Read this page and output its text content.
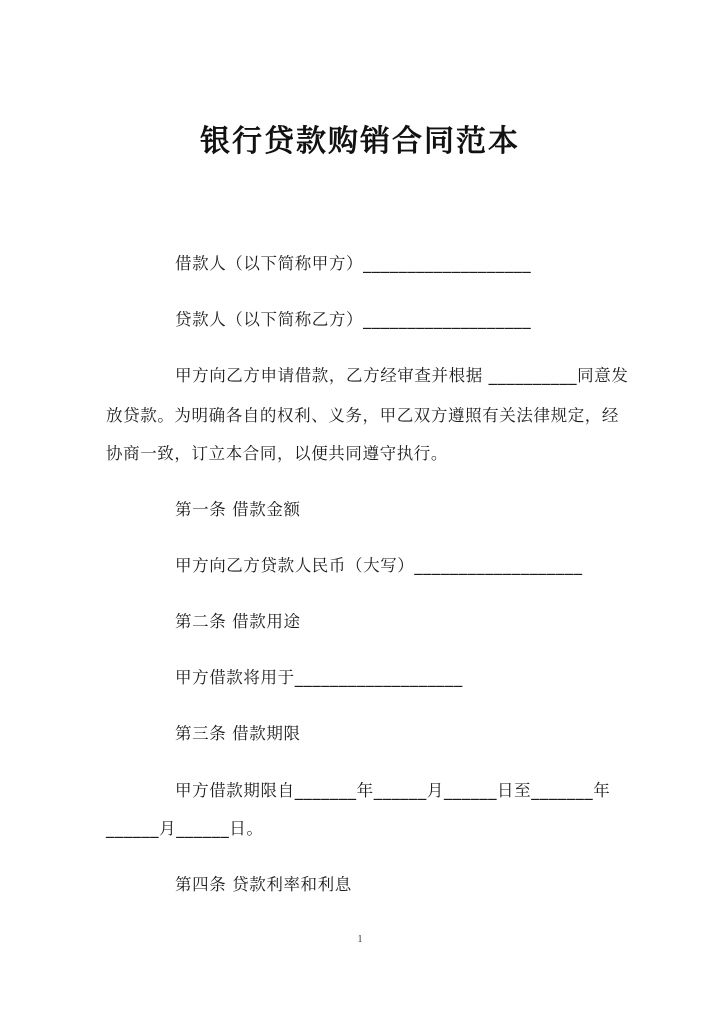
银行贷款购销合同范本
借款人（以下简称甲方）___________________
贷款人（以下简称乙方）___________________
甲方向乙方申请借款，乙方经审查并根据 __________同意发
放贷款。为明确各自的权利、义务，甲乙双方遵照有关法律规定，经
协商一致，订立本合同，以便共同遵守执行。
第一条 借款金额
甲方向乙方贷款人民币（大写）___________________
第二条 借款用途
甲方借款将用于___________________
第三条 借款期限
甲方借款期限自_______年______月______日至_______年
______月______日。
第四条 贷款利率和利息
1
